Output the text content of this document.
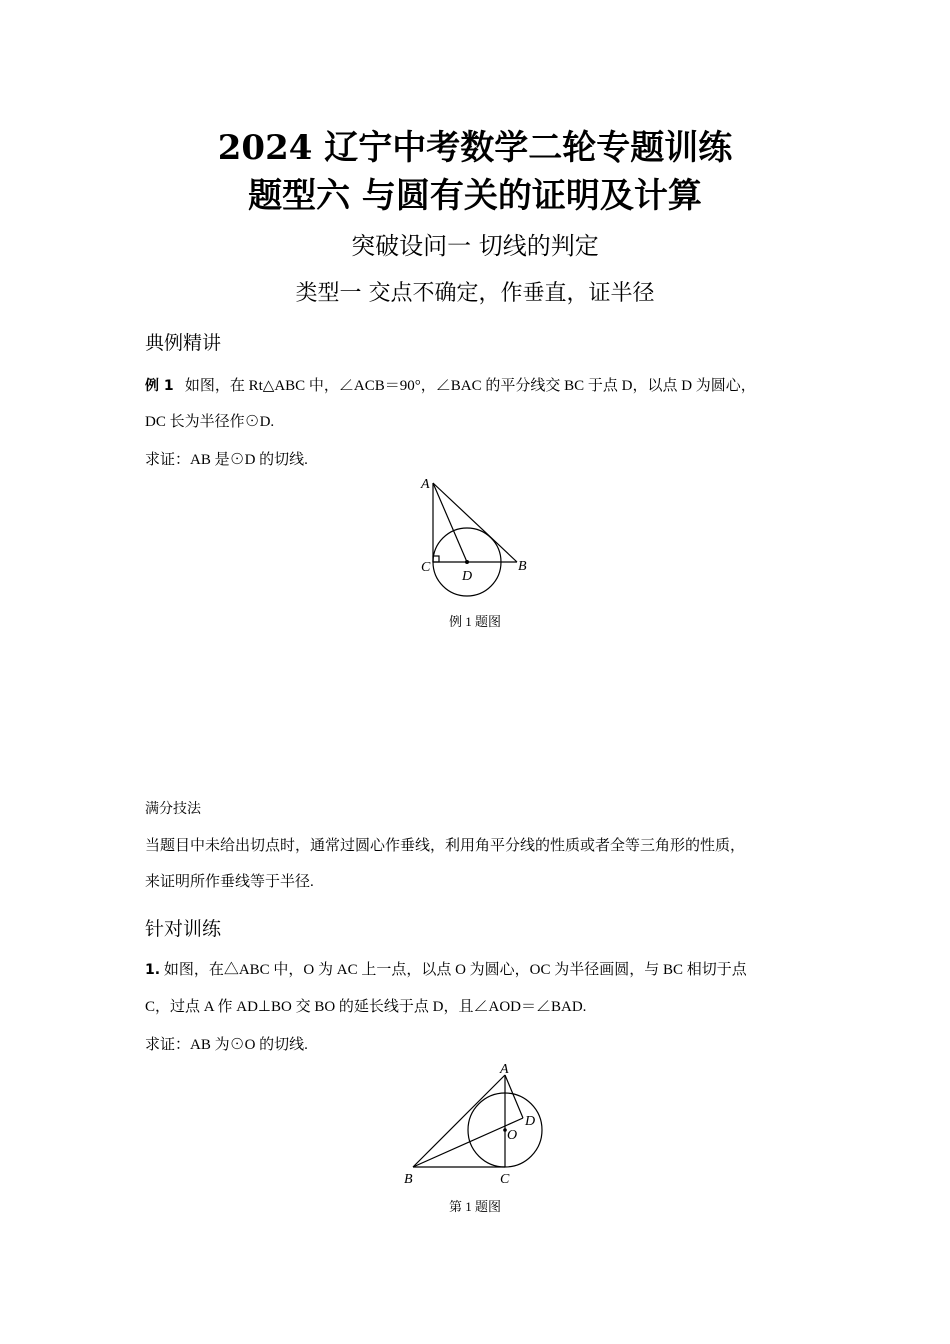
2024 辽宁中考数学二轮专题训练
题型六 与圆有关的证明及计算
突破设问一 切线的判定
类型一 交点不确定，作垂直，证半径
典例精讲
例 1 如图，在 Rt△ABC 中，∠ACB＝90°，∠BAC 的平分线交 BC 于点 D，以点 D 为圆心，
DC 长为半径作⊙D.
求证：AB 是⊙D 的切线.
A
C	B
D
例 1 题图
满分技法
当题目中未给出切点时，通常过圆心作垂线，利用角平分线的性质或者全等三角形的性质，
来证明所作垂线等于半径.
针对训练
1. 如图，在△ABC 中，O 为 AC 上一点，以点 O 为圆心，OC 为半径画圆，与 BC 相切于点
C，过点 A 作 AD⊥BO 交 BO 的延长线于点 D，且∠AOD＝∠BAD.
求证：AB 为⊙O 的切线.
A
B	C
D
O
第 1 题图
